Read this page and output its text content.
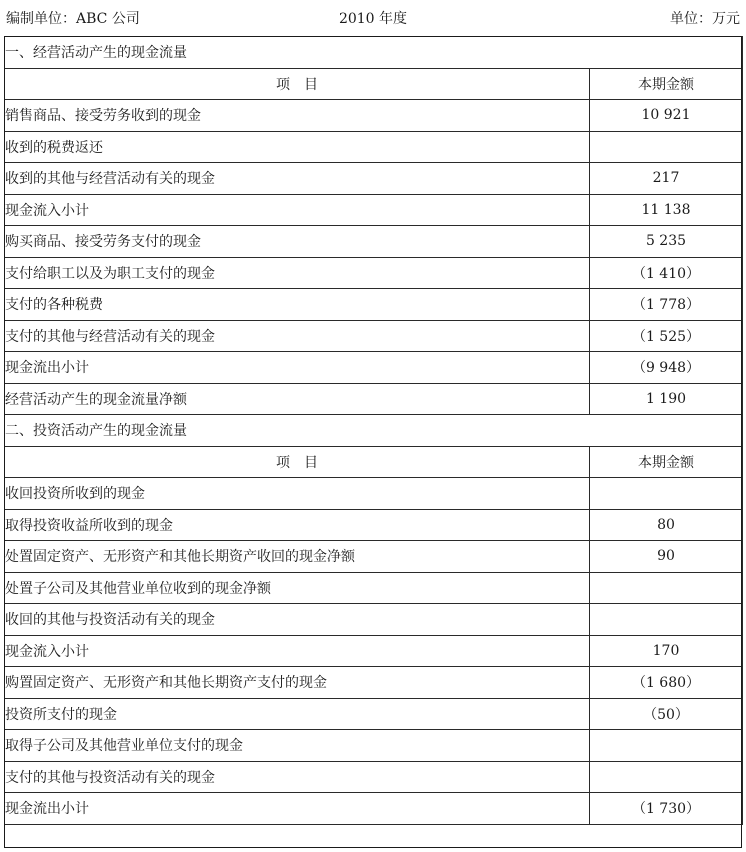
编制单位：ABC 公司	2010 年度	单位：万元
一、经营活动产生的现金流量	
项　目	本期金额
销售商品、接受劳务收到的现金	10 921
收到的税费返还	
收到的其他与经营活动有关的现金	217
现金流入小计	11 138
购买商品、接受劳务支付的现金	5 235
支付给职工以及为职工支付的现金	（1 410）
支付的各种税费	（1 778）
支付的其他与经营活动有关的现金	（1 525）
现金流出小计	（9 948）
经营活动产生的现金流量净额	1 190
二、投资活动产生的现金流量	
项　目	本期金额
收回投资所收到的现金	
取得投资收益所收到的现金	80
处置固定资产、无形资产和其他长期资产收回的现金净额	90
处置子公司及其他营业单位收到的现金净额	
收回的其他与投资活动有关的现金	
现金流入小计	170
购置固定资产、无形资产和其他长期资产支付的现金	（1 680）
投资所支付的现金	（50）
取得子公司及其他营业单位支付的现金	
支付的其他与投资活动有关的现金	
现金流出小计	（1 730）
